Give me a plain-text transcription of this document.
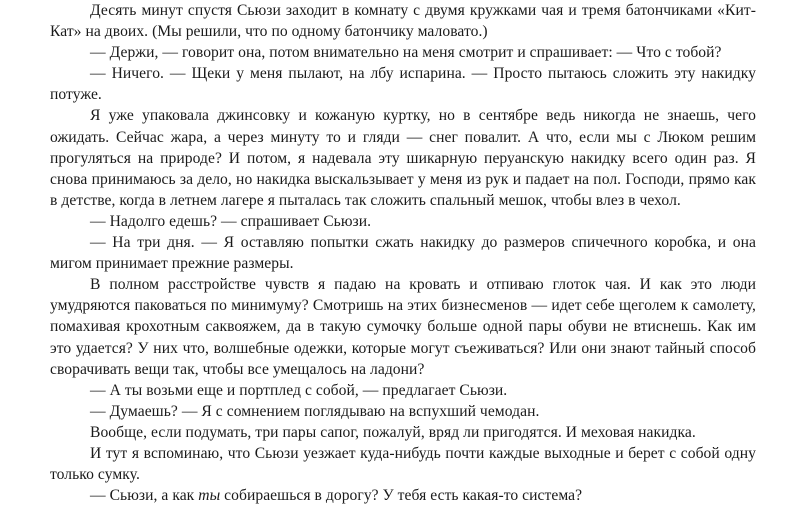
Десять минут спустя Сьюзи заходит в комнату с двумя кружками чая и тремя батончиками «Кит-Кат» на двоих. (Мы решили, что по одному батончику маловато.)

— Держи, — говорит она, потом внимательно на меня смотрит и спрашивает: — Что с тобой?

— Ничего. — Щеки у меня пылают, на лбу испарина. — Просто пытаюсь сложить эту накидку потуже.

Я уже упаковала джинсовку и кожаную куртку, но в сентябре ведь никогда не знаешь, чего ожидать. Сейчас жара, а через минуту то и гляди — снег повалит. А что, если мы с Люком решим прогуляться на природе? И потом, я надевала эту шикарную перуанскую накидку всего один раз. Я снова принимаюсь за дело, но накидка выскальзывает у меня из рук и падает на пол. Господи, прямо как в детстве, когда в летнем лагере я пыталась так сложить спальный мешок, чтобы влез в чехол.

— Надолго едешь? — спрашивает Сьюзи.

— На три дня. — Я оставляю попытки сжать накидку до размеров спичечного коробка, и она мигом принимает прежние размеры.

В полном расстройстве чувств я падаю на кровать и отпиваю глоток чая. И как это люди умудряются паковаться по минимуму? Смотришь на этих бизнесменов — идет себе щеголем к самолету, помахивая крохотным саквояжем, да в такую сумочку больше одной пары обуви не втиснешь. Как им это удается? У них что, волшебные одежки, которые могут съеживаться? Или они знают тайный способ сворачивать вещи так, чтобы все умещалось на ладони?

— А ты возьми еще и портплед с собой, — предлагает Сьюзи.

— Думаешь? — Я с сомнением поглядываю на вспухший чемодан.

Вообще, если подумать, три пары сапог, пожалуй, вряд ли пригодятся. И меховая накидка.

И тут я вспоминаю, что Сьюзи уезжает куда-нибудь почти каждые выходные и берет с собой одну только сумку.

— Сьюзи, а как ты собираешься в дорогу? У тебя есть какая-то система?
